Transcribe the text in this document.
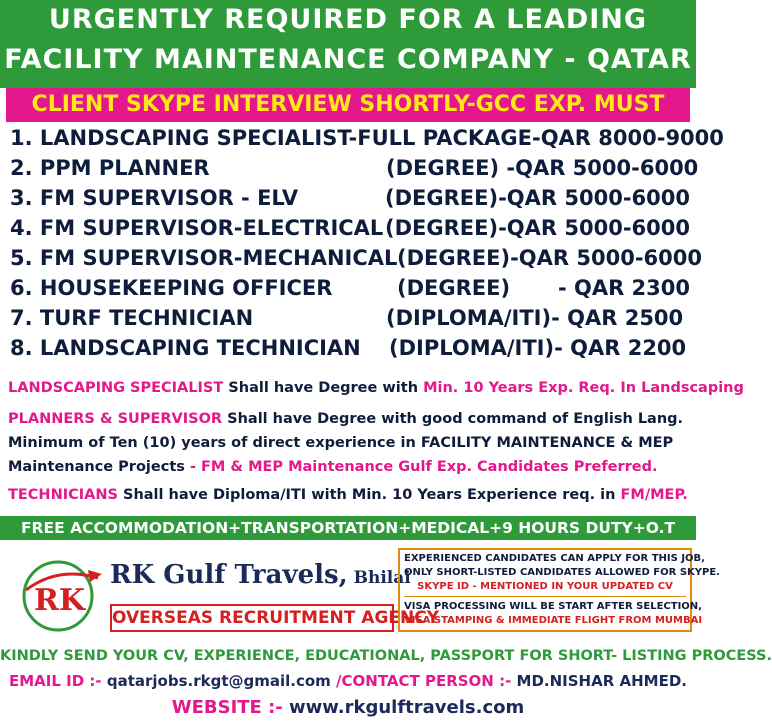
URGENTLY REQUIRED FOR A LEADING
FACILITY MAINTENANCE COMPANY - QATAR
CLIENT SKYPE INTERVIEW SHORTLY-GCC EXP. MUST
1. LANDSCAPING SPECIALIST-FULL PACKAGE-QAR 8000-9000
2. PPM PLANNER	(DEGREE) -QAR 5000-6000
3. FM SUPERVISOR - ELV	(DEGREE)-QAR 5000-6000
4. FM SUPERVISOR-ELECTRICAL (DEGREE)-QAR 5000-6000
5. FM SUPERVISOR-MECHANICAL (DEGREE)-QAR 5000-6000
6. HOUSEKEEPING OFFICER	(DEGREE) - QAR 2300
7. TURF TECHNICIAN	(DIPLOMA/ITI)- QAR 2500
8. LANDSCAPING TECHNICIAN (DIPLOMA/ITI)- QAR 2200
LANDSCAPING SPECIALIST Shall have Degree with Min. 10 Years Exp. Req. In Landscaping
PLANNERS & SUPERVISOR Shall have Degree with good command of English Lang.
Minimum of Ten (10) years of direct experience in FACILITY MAINTENANCE & MEP
Maintenance Projects - FM & MEP Maintenance Gulf Exp. Candidates Preferred.
TECHNICIANS Shall have Diploma/ITI with Min. 10 Years Experience req. in FM/MEP.
FREE ACCOMMODATION+TRANSPORTATION+MEDICAL+9 HOURS DUTY+O.T
RK
RK Gulf Travels, Bhilai
OVERSEAS RECRUITMENT AGENCY

EXPERIENCED CANDIDATES CAN APPLY FOR THIS JOB,

ONLY SHORT-LISTED CANDIDATES ALLOWED FOR SKYPE.

SKYPE ID - MENTIONED IN YOUR UPDATED CV

VISA PROCESSING WILL BE START AFTER SELECTION,

VISA STAMPING & IMMEDIATE FLIGHT FROM MUMBAI

KINDLY SEND YOUR CV, EXPERIENCE, EDUCATIONAL, PASSPORT FOR SHORT- LISTING PROCESS.
EMAIL ID :- qatarjobs.rkgt@gmail.com /CONTACT PERSON :- MD.NISHAR AHMED.
WEBSITE :- www.rkgulftravels.com
